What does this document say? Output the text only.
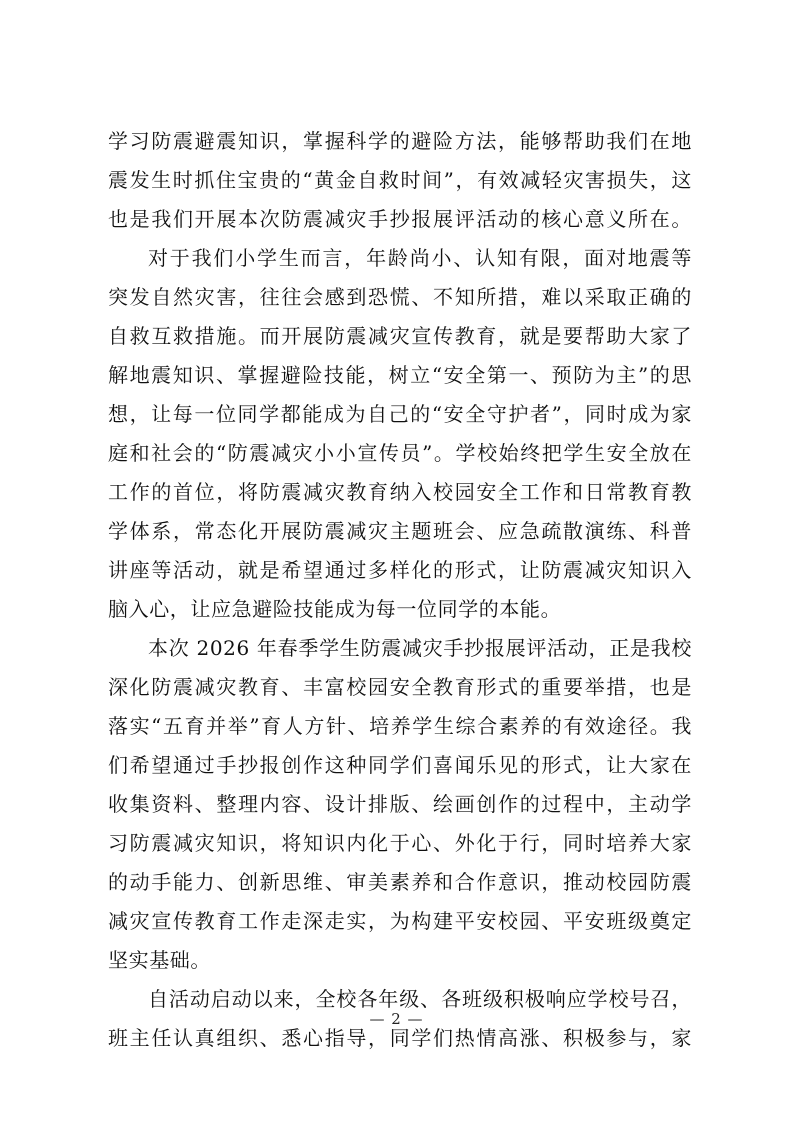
学习防震避震知识，掌握科学的避险方法，能够帮助我们在地
震发生时抓住宝贵的“黄金自救时间”，有效减轻灾害损失，这
也是我们开展本次防震减灾手抄报展评活动的核心意义所在。
对于我们小学生而言，年龄尚小、认知有限，面对地震等
突发自然灾害，往往会感到恐慌、不知所措，难以采取正确的
自救互救措施。而开展防震减灾宣传教育，就是要帮助大家了
解地震知识、掌握避险技能，树立“安全第一、预防为主”的思
想，让每一位同学都能成为自己的“安全守护者”，同时成为家
庭和社会的“防震减灾小小宣传员”。学校始终把学生安全放在
工作的首位，将防震减灾教育纳入校园安全工作和日常教育教
学体系，常态化开展防震减灾主题班会、应急疏散演练、科普
讲座等活动，就是希望通过多样化的形式，让防震减灾知识入
脑入心，让应急避险技能成为每一位同学的本能。
本次 2026 年春季学生防震减灾手抄报展评活动，正是我校
深化防震减灾教育、丰富校园安全教育形式的重要举措，也是
落实“五育并举”育人方针、培养学生综合素养的有效途径。我
们希望通过手抄报创作这种同学们喜闻乐见的形式，让大家在
收集资料、整理内容、设计排版、绘画创作的过程中，主动学
习防震减灾知识，将知识内化于心、外化于行，同时培养大家
的动手能力、创新思维、审美素养和合作意识，推动校园防震
减灾宣传教育工作走深走实，为构建平安校园、平安班级奠定
坚实基础。
自活动启动以来，全校各年级、各班级积极响应学校号召，
班主任认真组织、悉心指导，同学们热情高涨、积极参与，家
— 2 —
